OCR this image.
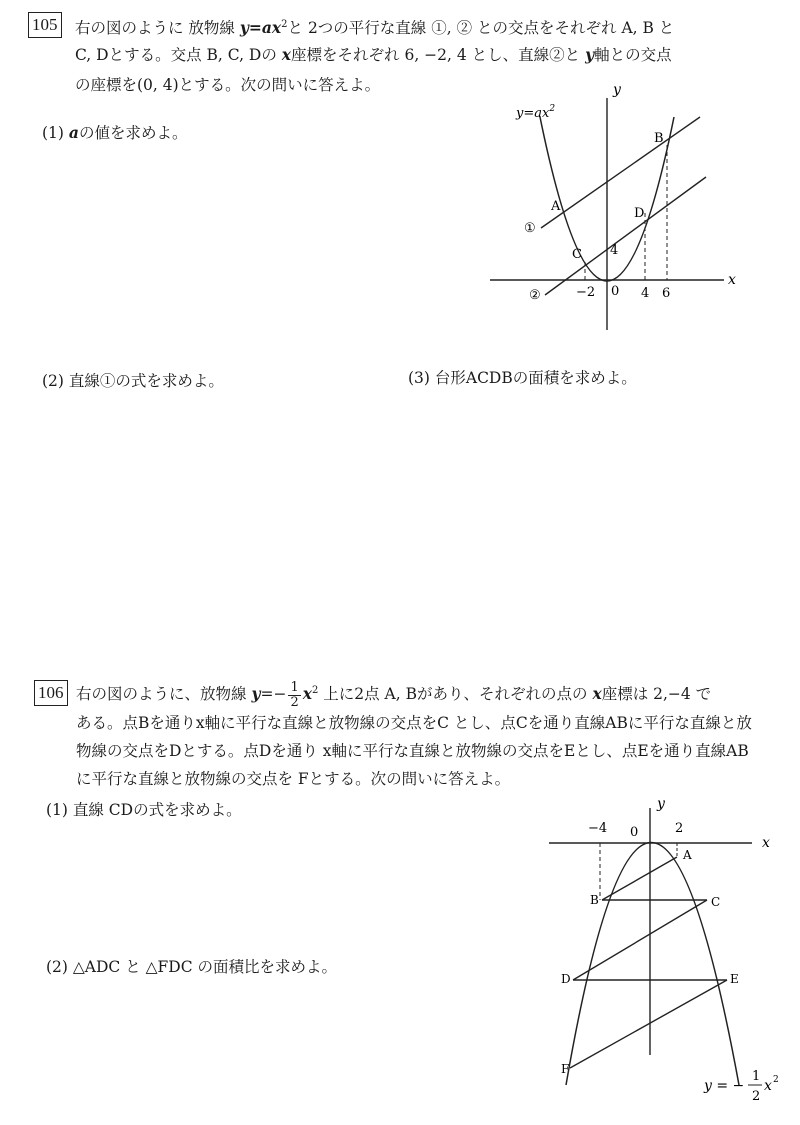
105 右の図のように 放物線 $y=ax^2$と 2つの平行な直線 ①, ② との交点をそれぞれ A, B と
C, Dとする。交点 B, C, Dの x座標をそれぞれ 6, −2, 4 とし、直線②と y軸との交点
の座標を(0, 4)とする。次の問いに答えよ。
(1) aの値を求めよ。
(2) 直線①の式を求めよ。	(3) 台形ACDBの面積を求めよ。
$y=ax^2$
y
x
B
A	D
C
①
②
4
−2 0 4 6
106 右の図のように、放物線 $y=- \frac{1}{2} x^2$ 上に2点 A, Bがあり、それぞれの点の x座標は 2,−4 で
ある。点Bを通りx軸に平行な直線と放物線の交点をC とし、点Cを通り直線ABに平行な直線と放
物線の交点をDとする。点Dを通り x軸に平行な直線と放物線の交点をEとし、点Eを通り直線AB
に平行な直線と放物線の交点を Fとする。次の問いに答えよ。
(1) 直線 CDの式を求めよ。
(2) △ADC と △FDC の面積比を求めよ。
y
x
−4 0	2
A
B	C
D	E
F
y = −
1
2
x 2
